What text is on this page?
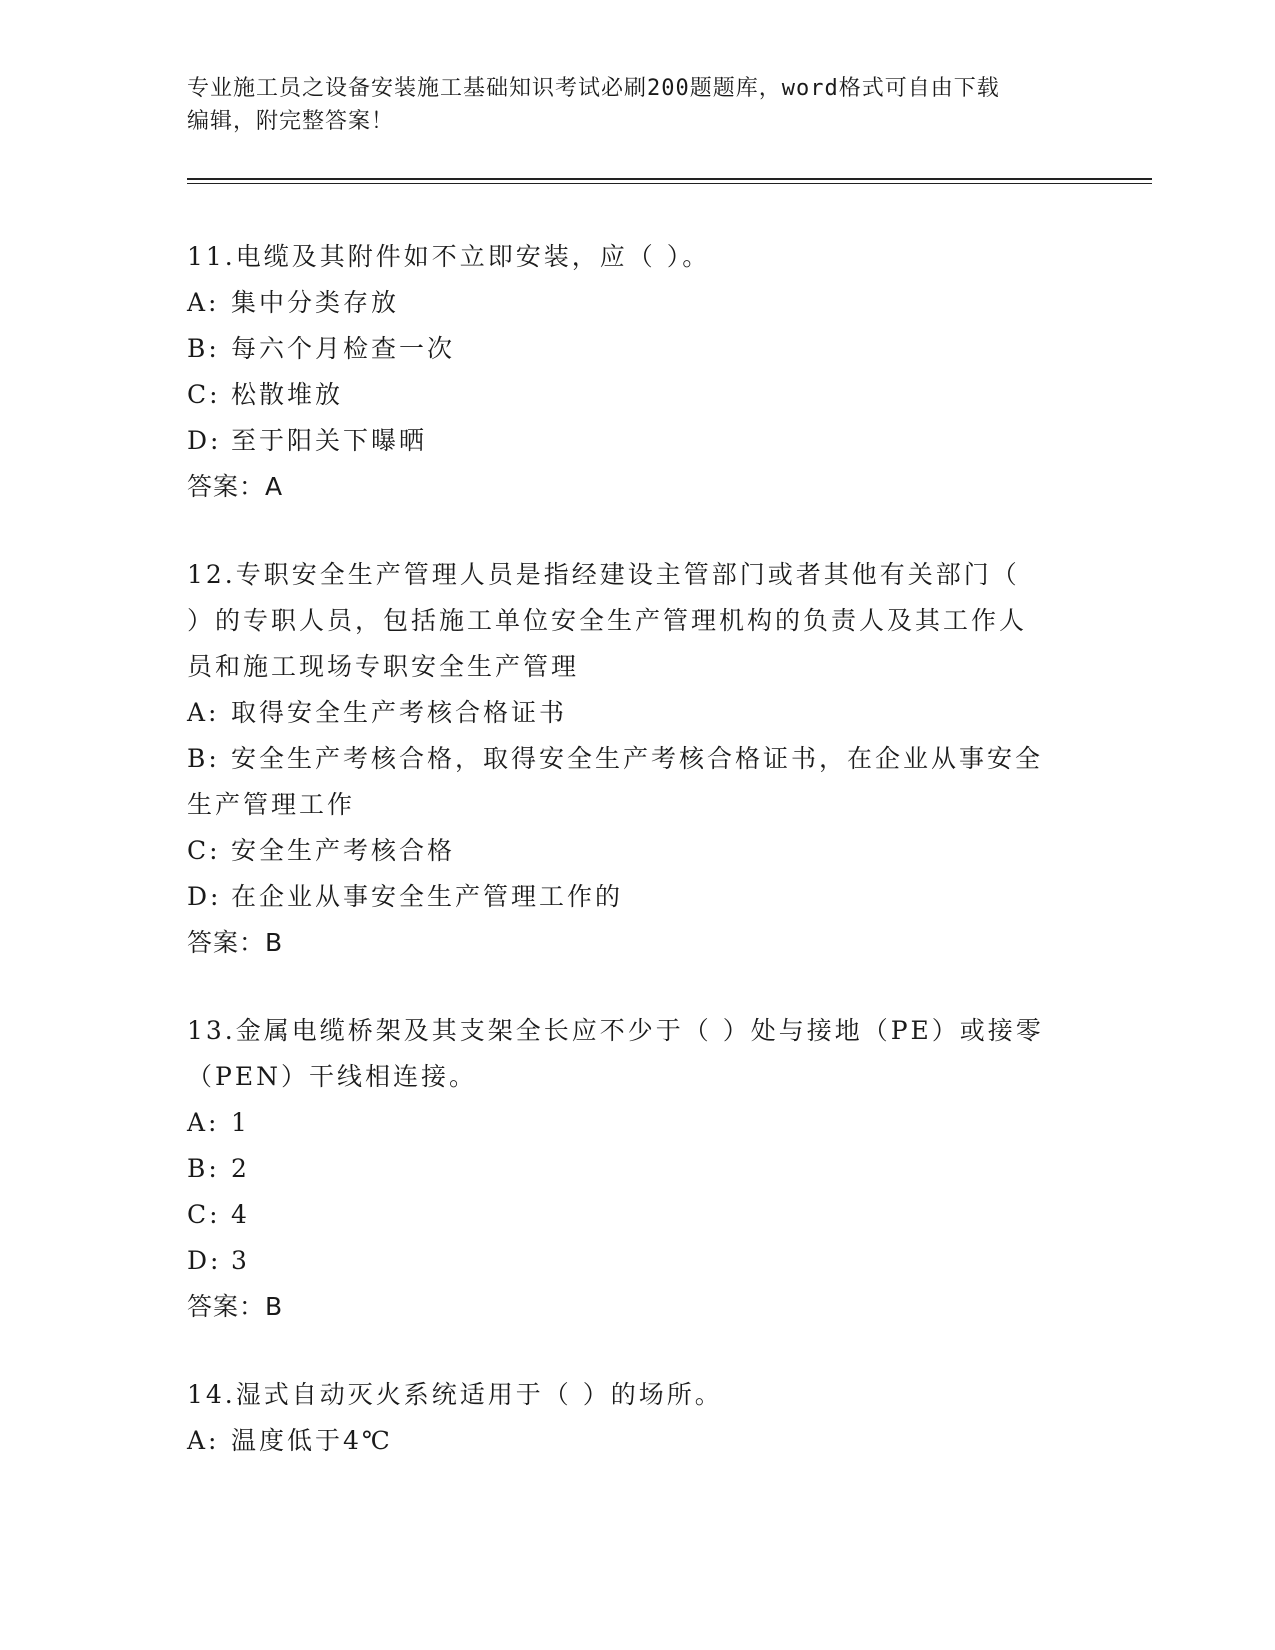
专业施工员之设备安装施工基础知识考试必刷200题题库，word格式可自由下载
编辑，附完整答案！
11.电缆及其附件如不立即安装，应（ ）。
A: 集中分类存放
B: 每六个月检查一次
C: 松散堆放
D: 至于阳关下曝晒
答案：A
12.专职安全生产管理人员是指经建设主管部门或者其他有关部门（
）的专职人员，包括施工单位安全生产管理机构的负责人及其工作人
员和施工现场专职安全生产管理
A: 取得安全生产考核合格证书
B: 安全生产考核合格，取得安全生产考核合格证书，在企业从事安全
生产管理工作
C: 安全生产考核合格
D: 在企业从事安全生产管理工作的
答案：B
13.金属电缆桥架及其支架全长应不少于（ ）处与接地（PE）或接零
（PEN）干线相连接。
A: 1
B: 2
C: 4
D: 3
答案：B
14.湿式自动灭火系统适用于（ ）的场所。
A: 温度低于4℃
